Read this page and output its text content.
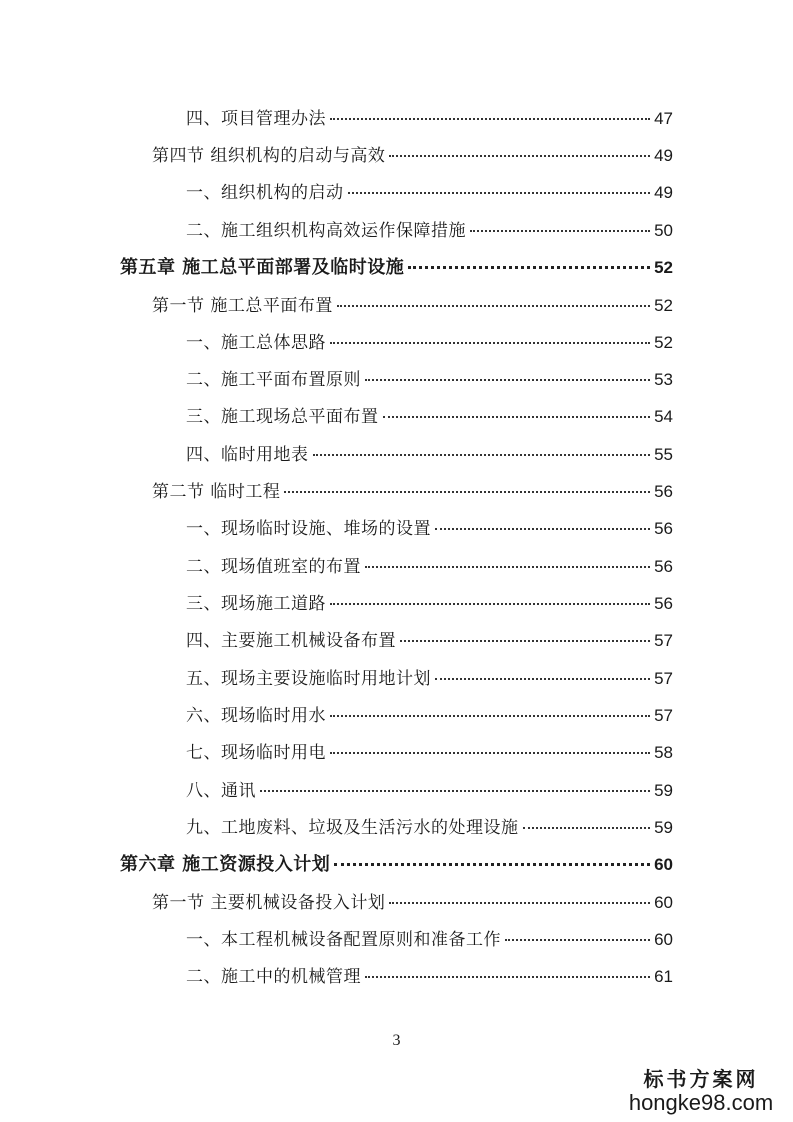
四、项目管理办法	47
第四节 组织机构的启动与高效	49
一、组织机构的启动	49
二、施工组织机构高效运作保障措施	50
第五章 施工总平面部署及临时设施	52
第一节 施工总平面布置	52
一、施工总体思路	52
二、施工平面布置原则	53
三、施工现场总平面布置	54
四、临时用地表	55
第二节 临时工程	56
一、现场临时设施、堆场的设置	56
二、现场值班室的布置	56
三、现场施工道路	56
四、主要施工机械设备布置	57
五、现场主要设施临时用地计划	57
六、现场临时用水	57
七、现场临时用电	58
八、通讯	59
九、工地废料、垃圾及生活污水的处理设施	59
第六章 施工资源投入计划	60
第一节 主要机械设备投入计划	60
一、本工程机械设备配置原则和准备工作	60
二、施工中的机械管理	61
3
标书方案网
hongke98.com
